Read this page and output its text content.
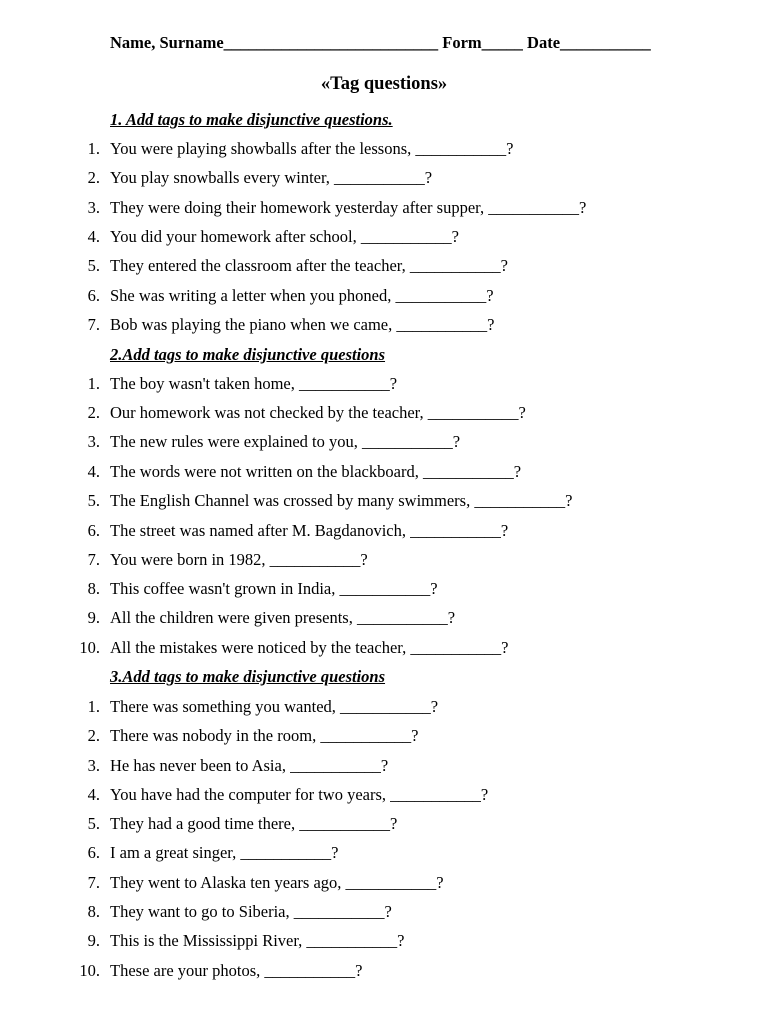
Name, Surname__________________________ Form_____ Date___________
«Tag questions»
1. Add tags to make disjunctive questions.
1. You were playing showballs after the lessons, ___________?
2. You play snowballs every winter, ___________?
3. They were doing their homework yesterday after supper, ___________?
4. You did your homework after school, ___________?
5. They entered the classroom after the teacher, ___________?
6. She was writing a letter when you phoned, ___________?
7. Bob was playing the piano when we came, ___________?
2.Add tags to make disjunctive questions
1. The boy wasn't taken home, ___________?
2. Our homework was not checked by the teacher, ___________?
3. The new rules were explained to you, ___________?
4. The words were not written on the blackboard, ___________?
5. The English Channel was crossed by many swimmers, ___________?
6. The street was named after M. Bagdanovich, ___________?
7. You were born in 1982, ___________?
8. This coffee wasn't grown in India, ___________?
9. All the children were given presents, ___________?
10. All the mistakes were noticed by the teacher, ___________?
3.Add tags to make disjunctive questions
1. There was something you wanted, ___________?
2. There was nobody in the room, ___________?
3. He has never been to Asia, ___________?
4. You have had the computer for two years, ___________?
5. They had a good time there, ___________?
6. I am a great singer, ___________?
7. They went to Alaska ten years ago, ___________?
8. They want to go to Siberia, ___________?
9. This is the Mississippi River, ___________?
10. These are your photos, ___________?
